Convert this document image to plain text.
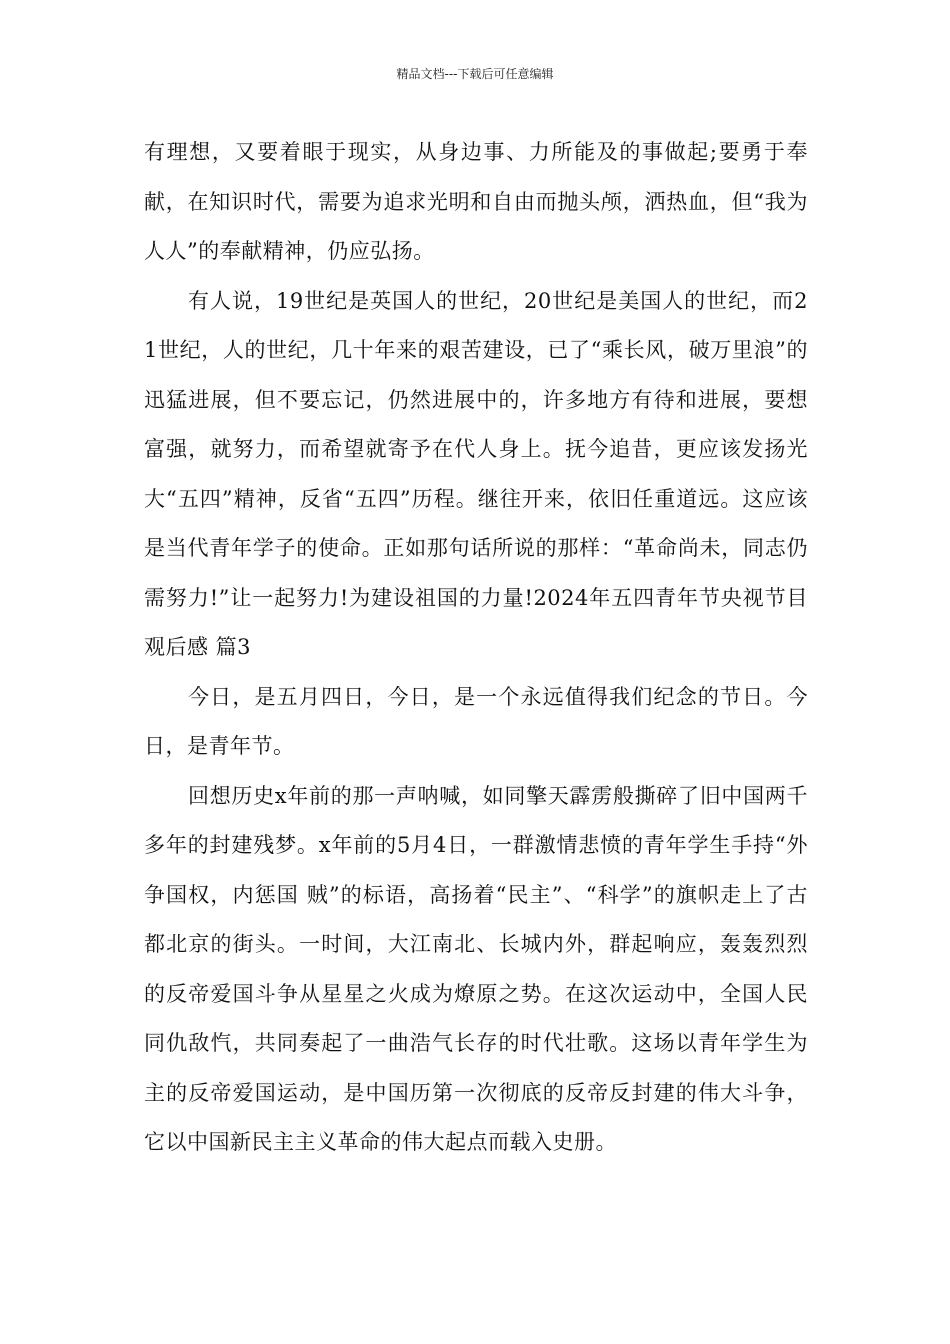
精品文档---下载后可任意编辑

有理想，又要着眼于现实，从身边事、力所能及的事做起;要勇于奉献，在知识时代，需要为追求光明和自由而抛头颅，洒热血，但“我为人人”的奉献精神，仍应弘扬。

有人说，19世纪是英国人的世纪，20世纪是美国人的世纪，而21世纪，人的世纪，几十年来的艰苦建设，已了“乘长风，破万里浪”的迅猛进展，但不要忘记，仍然进展中的，许多地方有待和进展，要想富强，就努力，而希望就寄予在代人身上。抚今追昔，更应该发扬光大“五四”精神，反省“五四”历程。继往开来，依旧任重道远。这应该是当代青年学子的使命。正如那句话所说的那样：“革命尚未，同志仍需努力!”让一起努力!为建设祖国的力量!2024年五四青年节央视节目观后感 篇3

今日，是五月四日，今日，是一个永远值得我们纪念的节日。今日，是青年节。

回想历史x年前的那一声呐喊，如同擎天霹雳般撕碎了旧中国两千多年的封建残梦。x年前的5月4日，一群激情悲愤的青年学生手持“外争国权，内惩国 贼”的标语，高扬着“民主”、“科学”的旗帜走上了古都北京的街头。一时间，大江南北、长城内外，群起响应，轰轰烈烈的反帝爱国斗争从星星之火成为燎原之势。在这次运动中，全国人民同仇敌忾，共同奏起了一曲浩气长存的时代壮歌。这场以青年学生为主的反帝爱国运动，是中国历第一次彻底的反帝反封建的伟大斗争，它以中国新民主主义革命的伟大起点而载入史册。
